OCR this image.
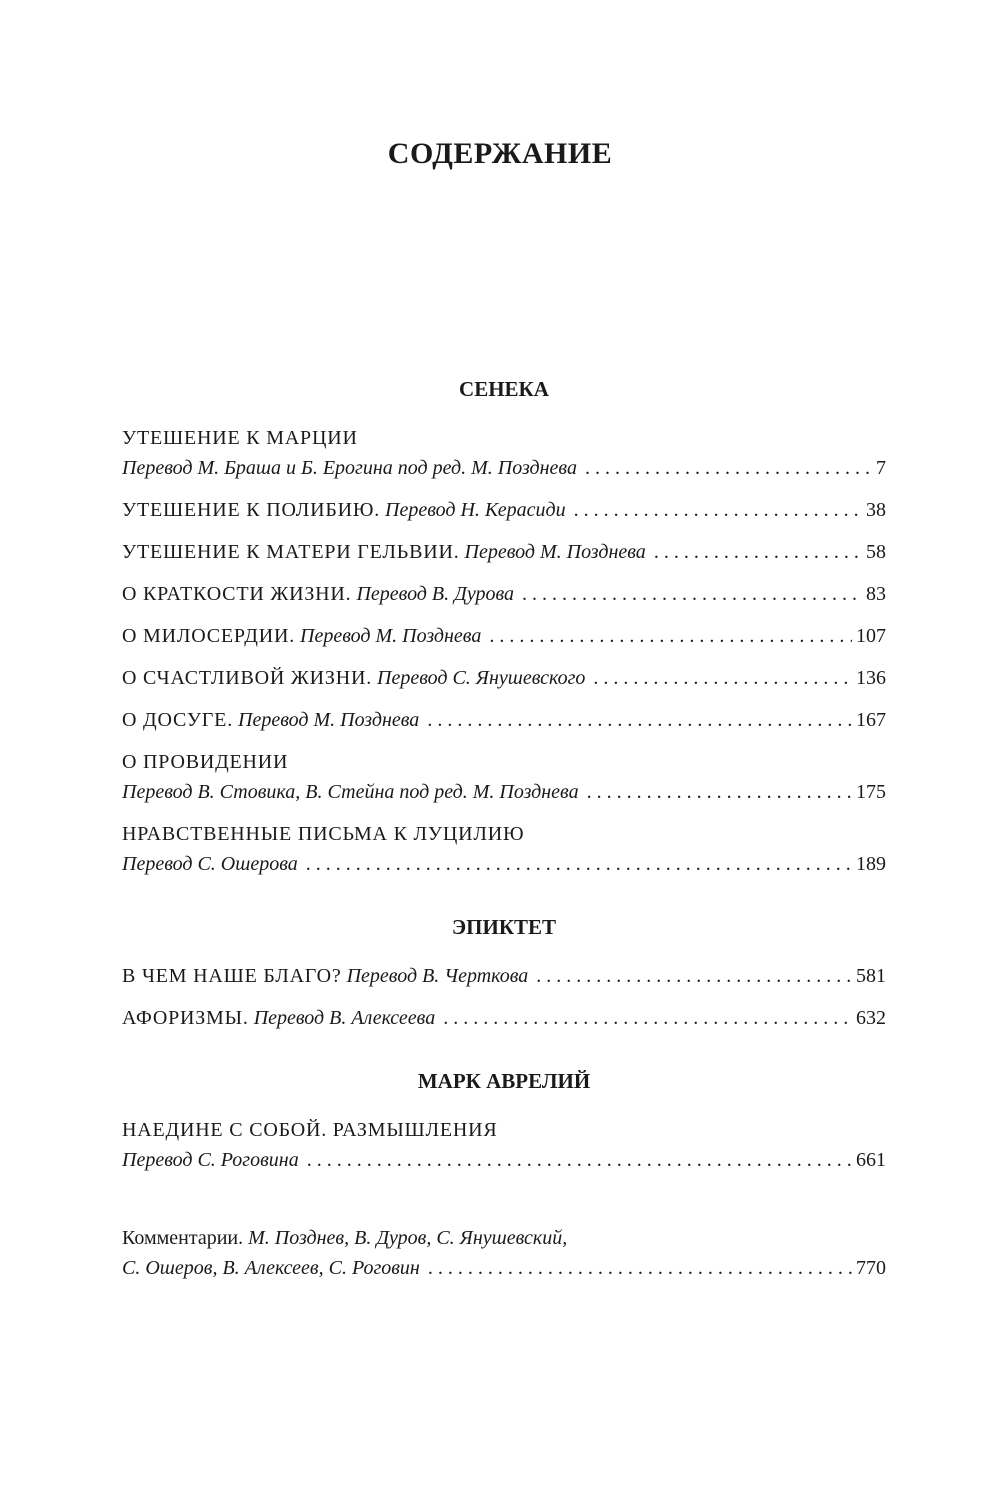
СОДЕРЖАНИЕ
СЕНЕКА
УТЕШЕНИЕ К МАРЦИИ
Перевод М. Браша и Б. Ерогина под ред. М. Позднева . . .	7
УТЕШЕНИЕ К ПОЛИБИЮ.
Перевод Н. Керасиди . . .	38
УТЕШЕНИЕ К МАТЕРИ ГЕЛЬВИИ.
Перевод М. Позднева . . .	58
О КРАТКОСТИ ЖИЗНИ.
Перевод В. Дурова . . .	83
О МИЛОСЕРДИИ.
Перевод М. Позднева . . .	107
О СЧАСТЛИВОЙ ЖИЗНИ.
Перевод С. Янушевского . . .	136
О ДОСУГЕ.
Перевод М. Позднева . . .	167
О ПРОВИДЕНИИ
Перевод В. Стовика, В. Стейна под ред. М. Позднева . . .	175
НРАВСТВЕННЫЕ ПИСЬМА К ЛУЦИЛИЮ
Перевод С. Ошерова . . .	189
ЭПИКТЕТ
В ЧЕМ НАШЕ БЛАГО?
Перевод В. Черткова . . .	581
АФОРИЗМЫ.
Перевод В. Алексеева . . .	632
МАРК АВРЕЛИЙ
НАЕДИНЕ С СОБОЙ. РАЗМЫШЛЕНИЯ
Перевод С. Роговина . . .	661
Комментарии. М. Позднев, В. Дуров, С. Янушевский,
С. Ошеров, В. Алексеев, С. Роговин . . .	770
